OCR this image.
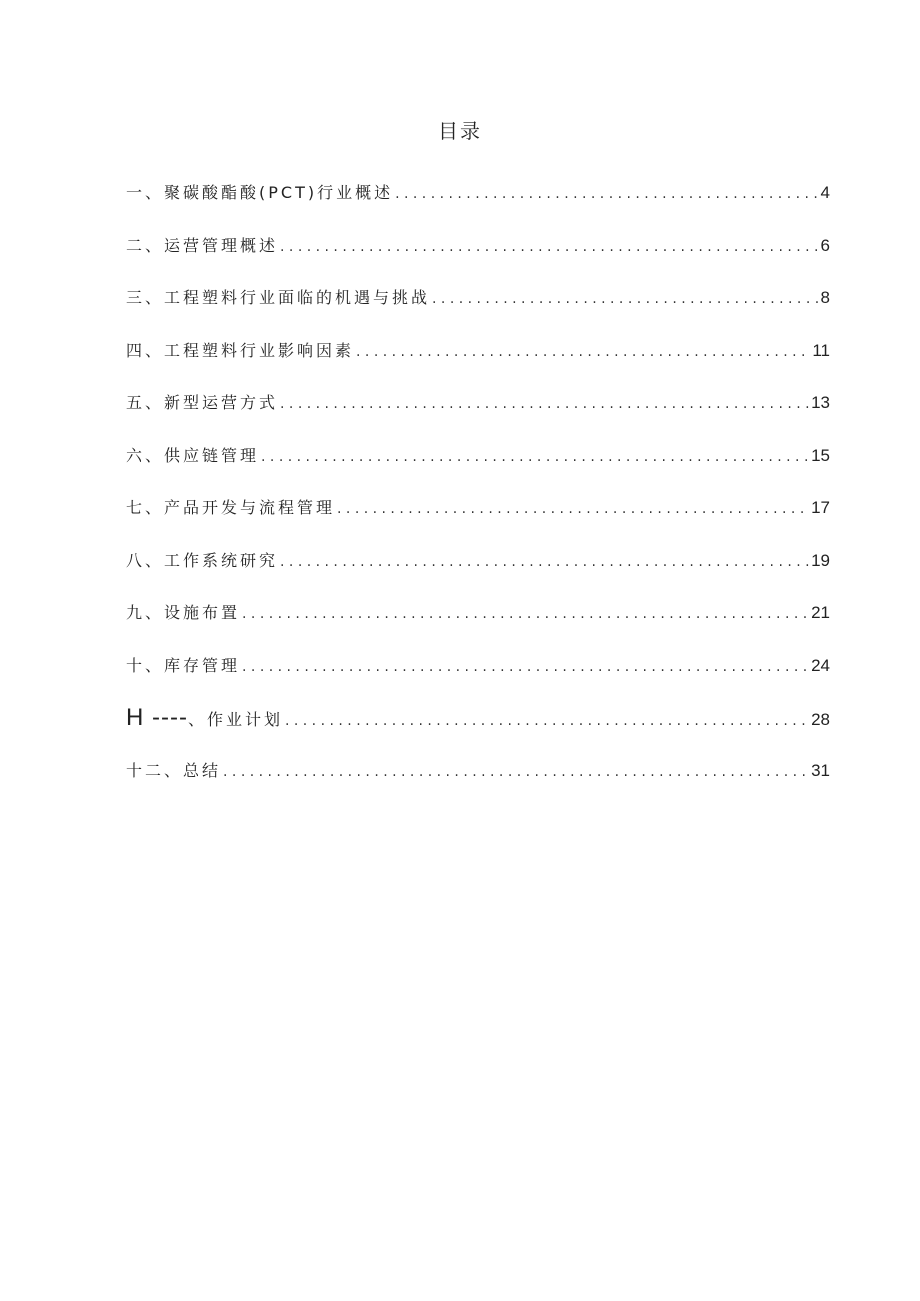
目录
一、聚碳酸酯酸(PCT)行业概述 . . .	4
二、运营管理概述 . . .	6
三、工程塑料行业面临的机遇与挑战 . . .	8
四、工程塑料行业影响因素 . . .	11
五、新型运营方式 . . .	13
六、供应链管理 . . .	15
七、产品开发与流程管理 . . .	17
八、工作系统研究 . . .	19
九、设施布置 . . .	21
十、库存管理 . . .	24
H ----、作业计划 . . .	28
十二、总结 . . .	31
